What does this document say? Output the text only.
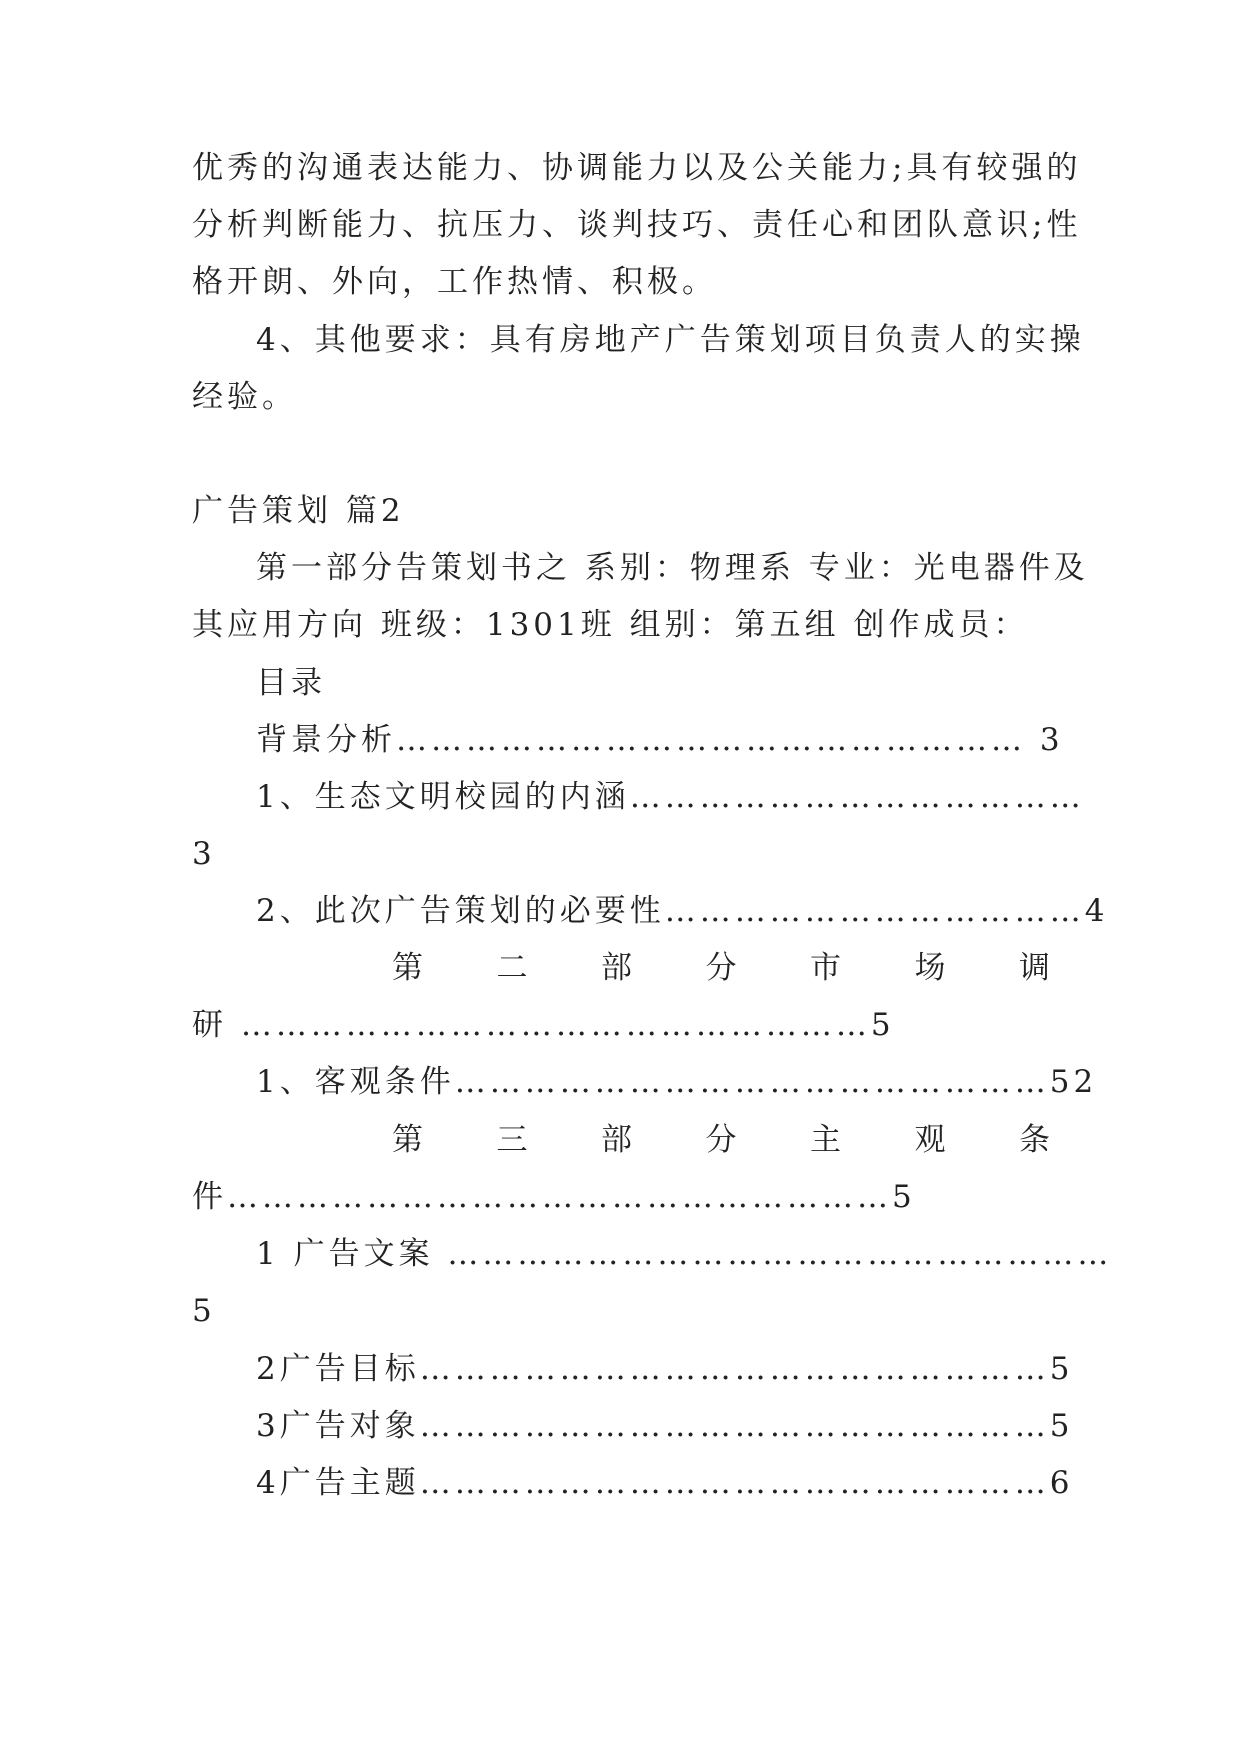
优秀的沟通表达能力、协调能力以及公关能力;具有较强的
分析判断能力、抗压力、谈判技巧、责任心和团队意识;性
格开朗、外向，工作热情、积极。
4、其他要求：具有房地产广告策划项目负责人的实操
经验。
广告策划 篇2
第一部分告策划书之 系别：物理系 专业：光电器件及
其应用方向 班级：1301班 组别：第五组 创作成员：
目录
背景分析……………………………………………… 3
1、生态文明校园的内涵…………………………………
3
2、此次广告策划的必要性………………………………4
第 二 部 分 市 场 调
研 ………………………………………………5
1、客观条件……………………………………………52
第 三 部 分 主 观 条
件…………………………………………………5
1 广告文案 …………………………………………………
5
2广告目标………………………………………………5
3广告对象………………………………………………5
4广告主题………………………………………………6
